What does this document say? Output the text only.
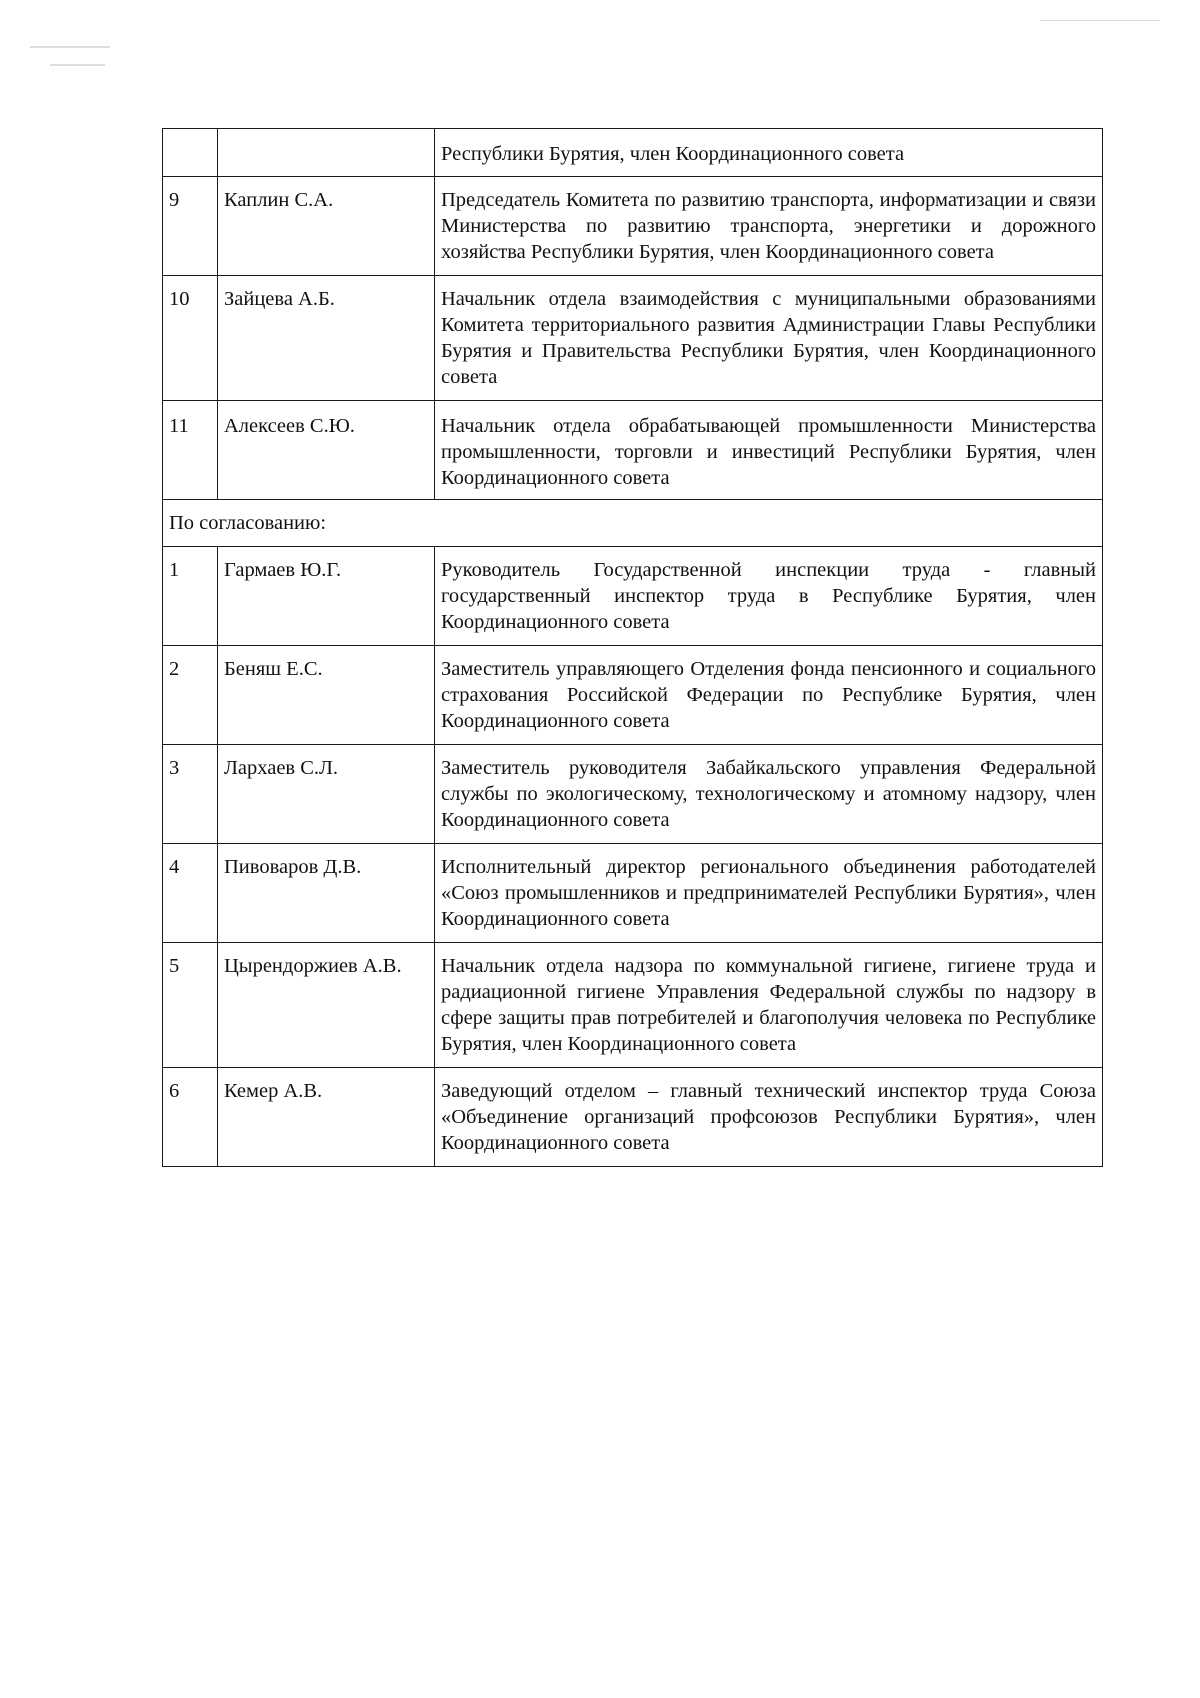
		Республики Бурятия, член Координационного совета
9	Каплин С.А.	Председатель Комитета по развитию транспорта, информатизации и связи Министерства по развитию транспорта, энергетики и дорожного хозяйства Республики Бурятия, член Координационного совета
10	Зайцева А.Б.	Начальник отдела взаимодействия с муниципальными образованиями Комитета территориального развития Администрации Главы Республики Бурятия и Правительства Республики Бурятия, член Координационного совета
11	Алексеев С.Ю.	Начальник отдела обрабатывающей промышленности Министерства промышленности, торговли и инвестиций Республики Бурятия, член Координационного совета
По согласованию:		
1	Гармаев Ю.Г.	Руководитель Государственной инспекции труда - главный государственный инспектор труда в Республике Бурятия, член Координационного совета
2	Беняш Е.С.	Заместитель управляющего Отделения фонда пенсионного и социального страхования Российской Федерации по Республике Бурятия, член Координационного совета
3	Лархаев С.Л.	Заместитель руководителя Забайкальского управления Федеральной службы по экологическому, технологическому и атомному надзору, член Координационного совета
4	Пивоваров Д.В.	Исполнительный директор регионального объединения работодателей «Союз промышленников и предпринимателей Республики Бурятия», член Координационного совета
5	Цырендоржиев А.В.	Начальник отдела надзора по коммунальной гигиене, гигиене труда и радиационной гигиене Управления Федеральной службы по надзору в сфере защиты прав потребителей и благополучия человека по Республике Бурятия, член Координационного совета
6	Кемер А.В.	Заведующий отделом – главный технический инспектор труда Союза «Объединение организаций профсоюзов Республики Бурятия», член Координационного совета
